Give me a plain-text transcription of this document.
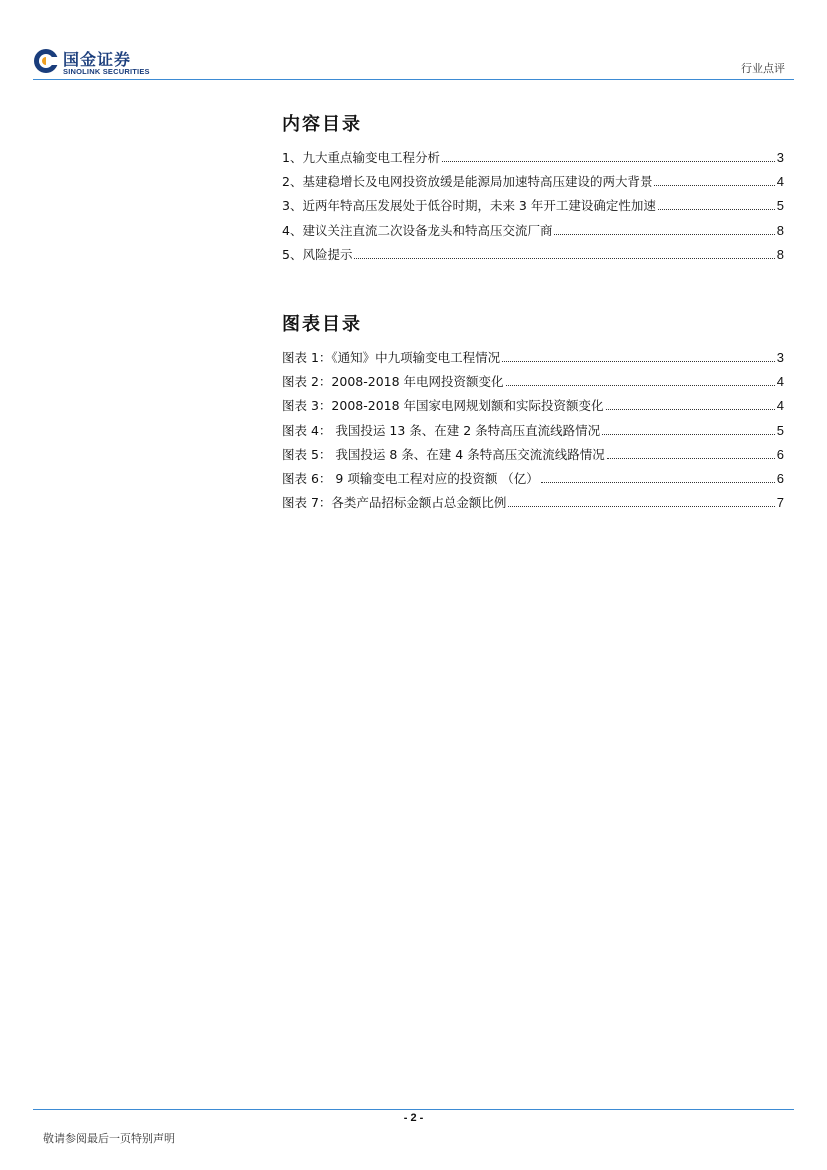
国金证券
SINOLINK SECURITIES	行业点评
内容目录
1、九大重点输变电工程分析	3
2、基建稳增长及电网投资放缓是能源局加速特高压建设的两大背景	4
3、近两年特高压发展处于低谷时期，未来 3 年开工建设确定性加速	5
4、建议关注直流二次设备龙头和特高压交流厂商	8
5、风险提示	8
图表目录
图表 1：《通知》中九项输变电工程情况	3
图表 2：2008-2018 年电网投资额变化	4
图表 3：2008-2018 年国家电网规划额和实际投资额变化	4
图表 4： 我国投运 13 条、在建 2 条特高压直流线路情况	5
图表 5： 我国投运 8 条、在建 4 条特高压交流流线路情况	6
图表 6： 9 项输变电工程对应的投资额 （亿）	6
图表 7：各类产品招标金额占总金额比例	7
- 2 -
敬请参阅最后一页特别声明
